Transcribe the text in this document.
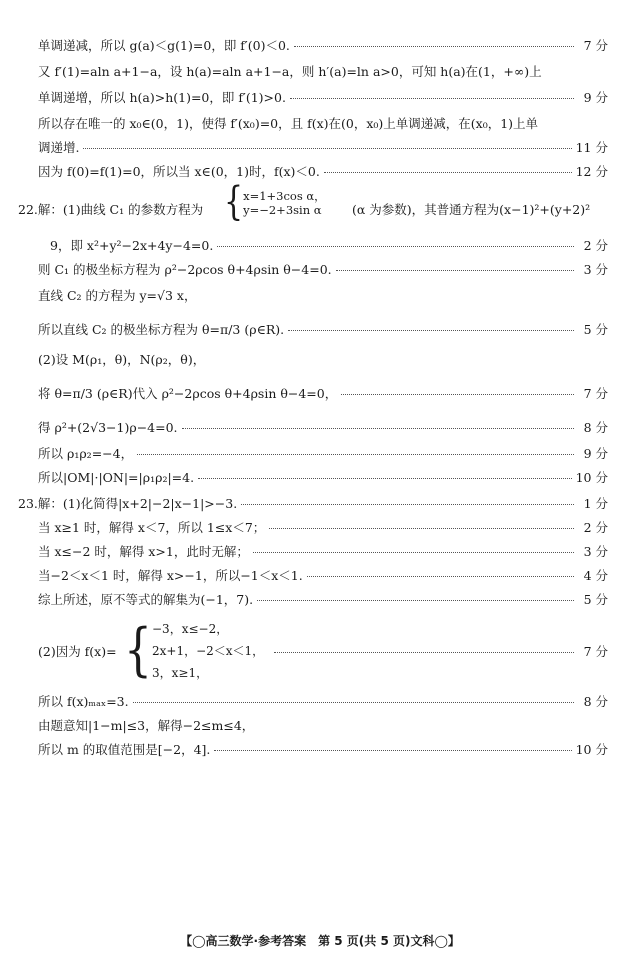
单调递减，所以 g(a)＜g(1)=0，即 f′(0)＜0.	7 分
又 f′(1)=aln a+1−a，设 h(a)=aln a+1−a，则 h′(a)=ln a>0，可知 h(a)在(1，+∞)上
单调递增，所以 h(a)>h(1)=0，即 f′(1)>0.	9 分
所以存在唯一的 x₀∈(0，1)，使得 f′(x₀)=0，且 f(x)在(0，x₀)上单调递减，在(x₀，1)上单
调递增.	11 分
因为 f(0)=f(1)=0，所以当 x∈(0，1)时，f(x)＜0.	12 分
22.解：(1)曲线 C₁ 的参数方程为 { x=1+3cos α，
y=−2+3sin α	(α 为参数)，其普通方程为(x−1)²+(y+2)²
9，即 x²+y²−2x+4y−4=0.	2 分
则 C₁ 的极坐标方程为 ρ²−2ρcos θ+4ρsin θ−4=0.	3 分
直线 C₂ 的方程为 y=√3 x，
所以直线 C₂ 的极坐标方程为 θ=π/3 (ρ∈R).	5 分
(2)设 M(ρ₁，θ)，N(ρ₂，θ)，
将 θ=π/3 (ρ∈R)代入 ρ²−2ρcos θ+4ρsin θ−4=0，	7 分
得 ρ²+(2√3−1)ρ−4=0.	8 分
所以 ρ₁ρ₂=−4，	9 分
所以|OM|·|ON|=|ρ₁ρ₂|=4.	10 分
23.解：(1)化简得|x+2|−2|x−1|>−3.	1 分
当 x≥1 时，解得 x＜7，所以 1≤x＜7；	2 分
当 x≤−2 时，解得 x>1，此时无解；	3 分
当−2＜x＜1 时，解得 x>−1，所以−1＜x＜1.	4 分
综上所述，原不等式的解集为(−1，7).	5 分
(2)因为 f(x)= { −3，x≤−2，
2x+1，−2＜x＜1，
3，x≥1，
7 分
所以 f(x)ₘₐₓ=3.	8 分
由题意知|1−m|≤3，解得−2≤m≤4，
所以 m 的取值范围是[−2，4].	10 分
【◯高三数学·参考答案　第 5 页(共 5 页)文科◯】
